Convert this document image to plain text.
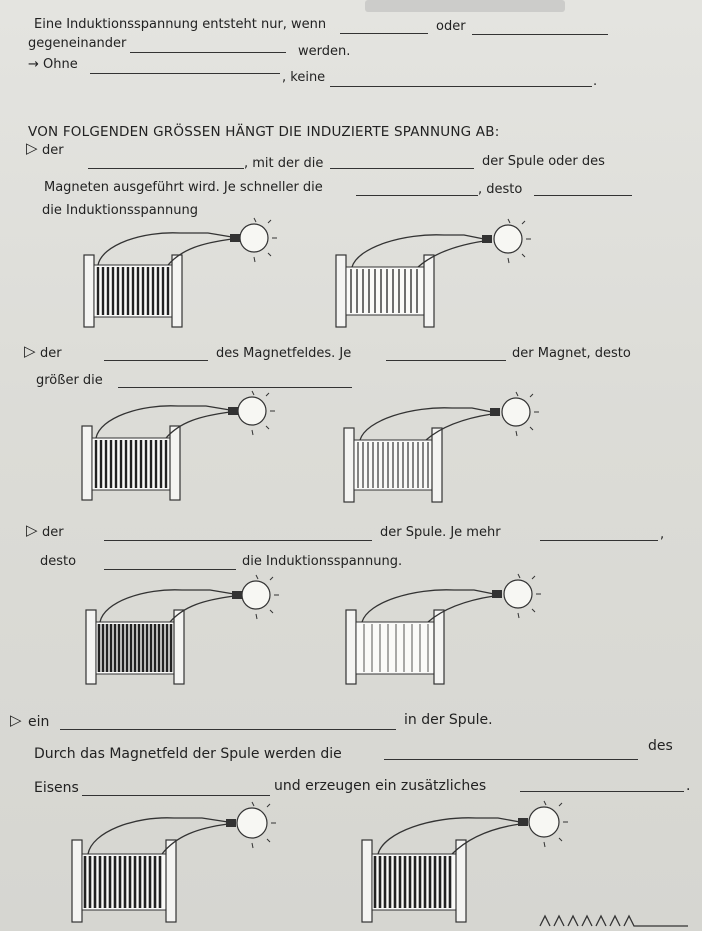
Eine Induktionsspannung entsteht nur, wenn	oder
gegeneinander
werden.
→ Ohne
, keine	.
VON FOLGENDEN GRÖSSEN HÄNGT DIE INDUZIERTE SPANNUNG AB:
▷ der
, mit der die	der Spule oder des
Magneten ausgeführt wird. Je schneller die	, desto
die Induktionsspannung
▷ der	des Magnetfeldes. Je	der Magnet, desto
größer die
▷ der	der Spule. Je mehr	,
desto	die Induktionsspannung.
▷ ein	in der Spule.
Durch das Magnetfeld der Spule werden die	des
Eisens	und erzeugen ein zusätzliches	.
